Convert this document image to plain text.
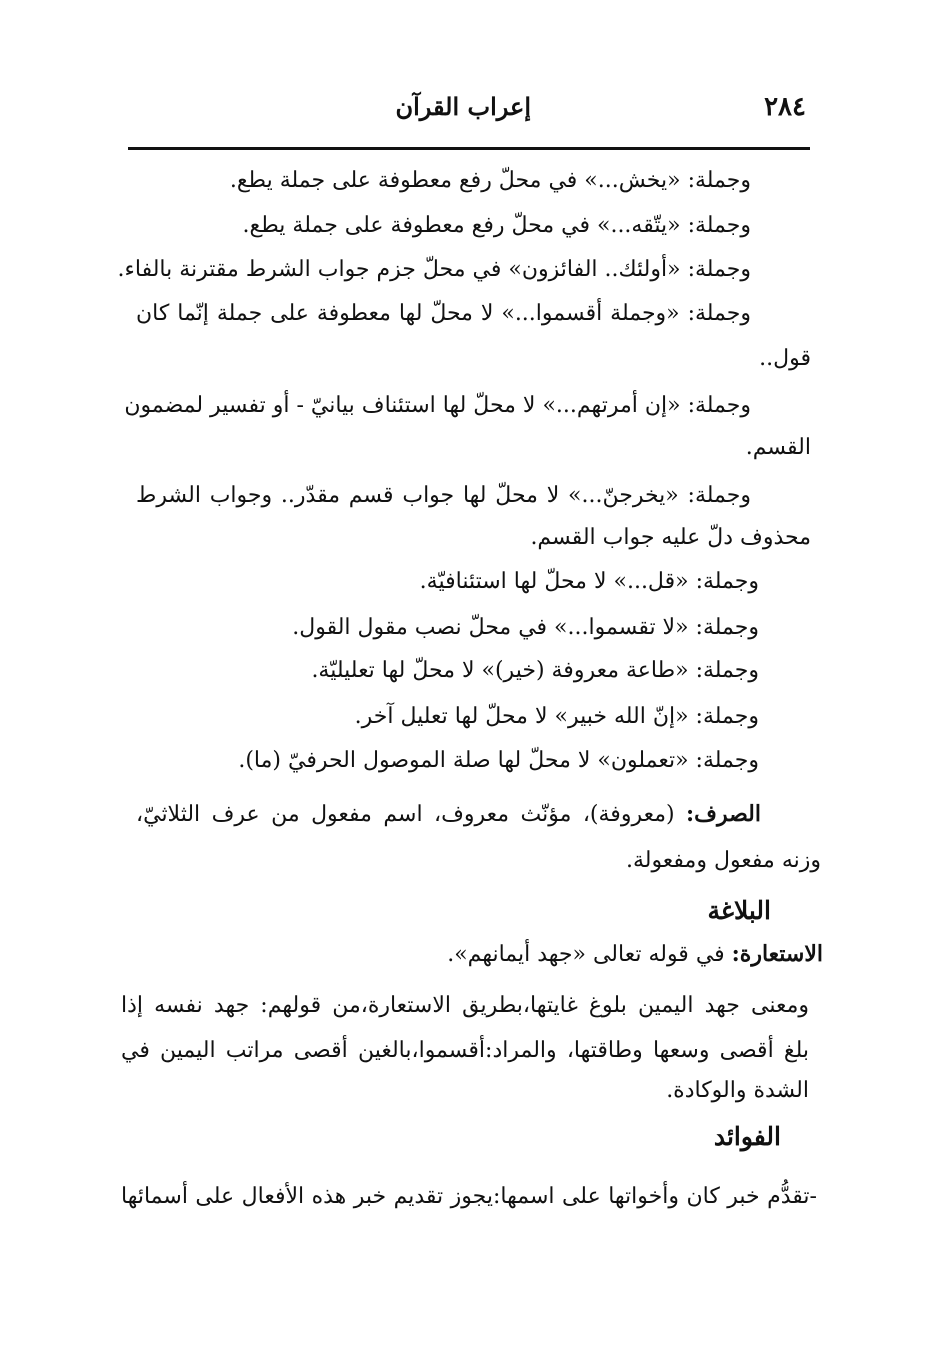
٢٨٤
إعراب القرآن
وجملة: «يخش...» في محلّ رفع معطوفة على جملة يطع.
وجملة: «يتّقه...» في محلّ رفع معطوفة على جملة يطع.
وجملة: «أولئك.. الفائزون» في محلّ جزم جواب الشرط مقترنة بالفاء.
وجملة: «وجملة أقسموا...» لا محلّ لها معطوفة على جملة إنّما كان
قول..
وجملة: «إن أمرتهم...» لا محلّ لها استئناف بيانيّ - أو تفسير لمضمون
القسم.
وجملة: «يخرجنّ...» لا محلّ لها جواب قسم مقدّر.. وجواب الشرط
محذوف دلّ عليه جواب القسم.
وجملة: «قل...» لا محلّ لها استئنافيّة.
وجملة: «لا تقسموا...» في محلّ نصب مقول القول.
وجملة: «طاعة معروفة (خير)» لا محلّ لها تعليليّة.
وجملة: «إنّ الله خبير» لا محلّ لها تعليل آخر.
وجملة: «تعملون» لا محلّ لها صلة الموصول الحرفيّ (ما).
الصرف: (معروفة)، مؤنّث معروف، اسم مفعول من عرف الثلاثيّ،
وزنه مفعول ومفعولة.
البلاغة
الاستعارة: في قوله تعالى «جهد أيمانهم».
ومعنى جهد اليمين بلوغ غايتها،بطريق الاستعارة،من قولهم: جهد نفسه إذا
بلغ أقصى وسعها وطاقتها، والمراد:أقسموا،بالغين أقصى مراتب اليمين في
الشدة والوكادة.
الفوائد
-تقدُّم خبر كان وأخواتها على اسمها:يجوز تقديم خبر هذه الأفعال على أسمائها
